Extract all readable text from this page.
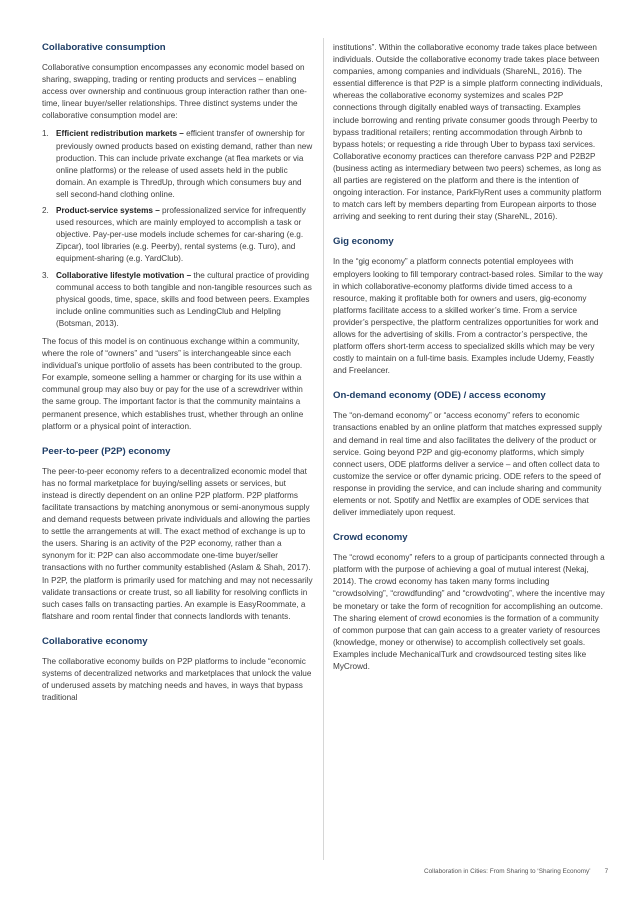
Collaborative consumption

Collaborative consumption encompasses any economic model based on sharing, swapping, trading or renting products and services – enabling access over ownership and continuous group interaction rather than one-time, linear buyer/seller relationships. Three distinct systems under the collaborative consumption model are:

1. Efficient redistribution markets – efficient transfer of ownership for previously owned products based on existing demand, rather than new production. This can include private exchange (at flea markets or via online platforms) or the release of used assets held in the public domain. An example is ThredUp, through which consumers buy and sell second-hand clothing online.
2. Product-service systems – professionalized service for infrequently used resources, which are mainly employed to accomplish a task or objective. Pay-per-use models include schemes for car-sharing (e.g. Zipcar), tool libraries (e.g. Peerby), rental systems (e.g. Turo), and equipment-sharing (e.g. YardClub).
3. Collaborative lifestyle motivation – the cultural practice of providing communal access to both tangible and non-tangible resources such as physical goods, time, space, skills and food between peers. Examples include online communities such as LendingClub and Helpling (Botsman, 2013).

The focus of this model is on continuous exchange within a community, where the role of “owners” and “users” is interchangeable since each individual’s unique portfolio of assets has been contributed to the group. For example, someone selling a hammer or charging for its use within a communal group may also buy or pay for the use of a screwdriver within the same group. The important factor is that the community maintains a permanent presence, which establishes trust, whether through an online platform or a physical point of interaction.

Peer-to-peer (P2P) economy

The peer-to-peer economy refers to a decentralized economic model that has no formal marketplace for buying/selling assets or services, but instead is directly dependent on an online P2P platform. P2P platforms facilitate transactions by matching anonymous or semi-anonymous supply and demand requests between private individuals and allowing the parties to settle the arrangements at will. The exact method of exchange is up to the users. Sharing is an activity of the P2P economy, rather than a synonym for it: P2P can also accommodate one-time buyer/seller transactions with no further community established (Aslam & Shah, 2017). In P2P, the platform is primarily used for matching and may not necessarily validate transactions or create trust, so all liability for resolving conflicts in such cases falls on transacting parties. An example is EasyRoommate, a flatshare and room rental finder that connects landlords with tenants.

Collaborative economy

The collaborative economy builds on P2P platforms to include “economic systems of decentralized networks and marketplaces that unlock the value of underused assets by matching needs and haves, in ways that bypass traditional

institutions”. Within the collaborative economy trade takes place between individuals. Outside the collaborative economy trade takes place between companies, among companies and individuals (ShareNL, 2016). The essential difference is that P2P is a simple platform connecting individuals, whereas the collaborative economy systemizes and scales P2P connections through digitally enabled ways of transacting. Examples include borrowing and renting private consumer goods through Peerby to bypass traditional retailers; renting accommodation through Airbnb to bypass hotels; or requesting a ride through Uber to bypass taxi services. Collaborative economy practices can therefore canvass P2P and P2B2P (business acting as intermediary between two peers) schemes, as long as all parties are registered on the platform and there is the intention of ongoing interaction. For instance, ParkFlyRent uses a community platform to match cars left by members departing from European airports to those arriving and seeking to rent during their stay (ShareNL, 2016).

Gig economy

In the “gig economy” a platform connects potential employees with employers looking to fill temporary contract-based roles. Similar to the way in which collaborative-economy platforms divide timed access to a resource, making it profitable both for owners and users, gig-economy platforms facilitate access to a skilled worker’s time. From a service provider’s perspective, the platform centralizes opportunities for work and allows for the advertising of skills. From a contractor’s perspective, the platform offers short-term access to specialized skills which may be very costly to maintain on a full-time basis. Examples include Udemy, Feastly and Freelancer.

On-demand economy (ODE) / access economy

The “on-demand economy” or “access economy” refers to economic transactions enabled by an online platform that matches expressed supply and demand in real time and also facilitates the delivery of the product or service. Going beyond P2P and gig-economy platforms, which simply connect users, ODE platforms deliver a service – and often collect data to customize the service or offer dynamic pricing. ODE refers to the speed of response in providing the service, and can include sharing and community elements or not. Spotify and Netflix are examples of ODE services that deliver immediately upon request.

Crowd economy

The “crowd economy” refers to a group of participants connected through a platform with the purpose of achieving a goal of mutual interest (Nekaj, 2014). The crowd economy has taken many forms including “crowdsolving”, “crowdfunding” and “crowdvoting”, where the incentive may be monetary or take the form of recognition for accomplishing an outcome. The sharing element of crowd economies is the formation of a community of common purpose that can gain access to a greater variety of resources (knowledge, money or otherwise) to accomplish collectively set goals. Examples include MechanicalTurk and crowdsourced testing sites like MyCrowd.

Collaboration in Cities: From Sharing to ‘Sharing Economy’ 7
